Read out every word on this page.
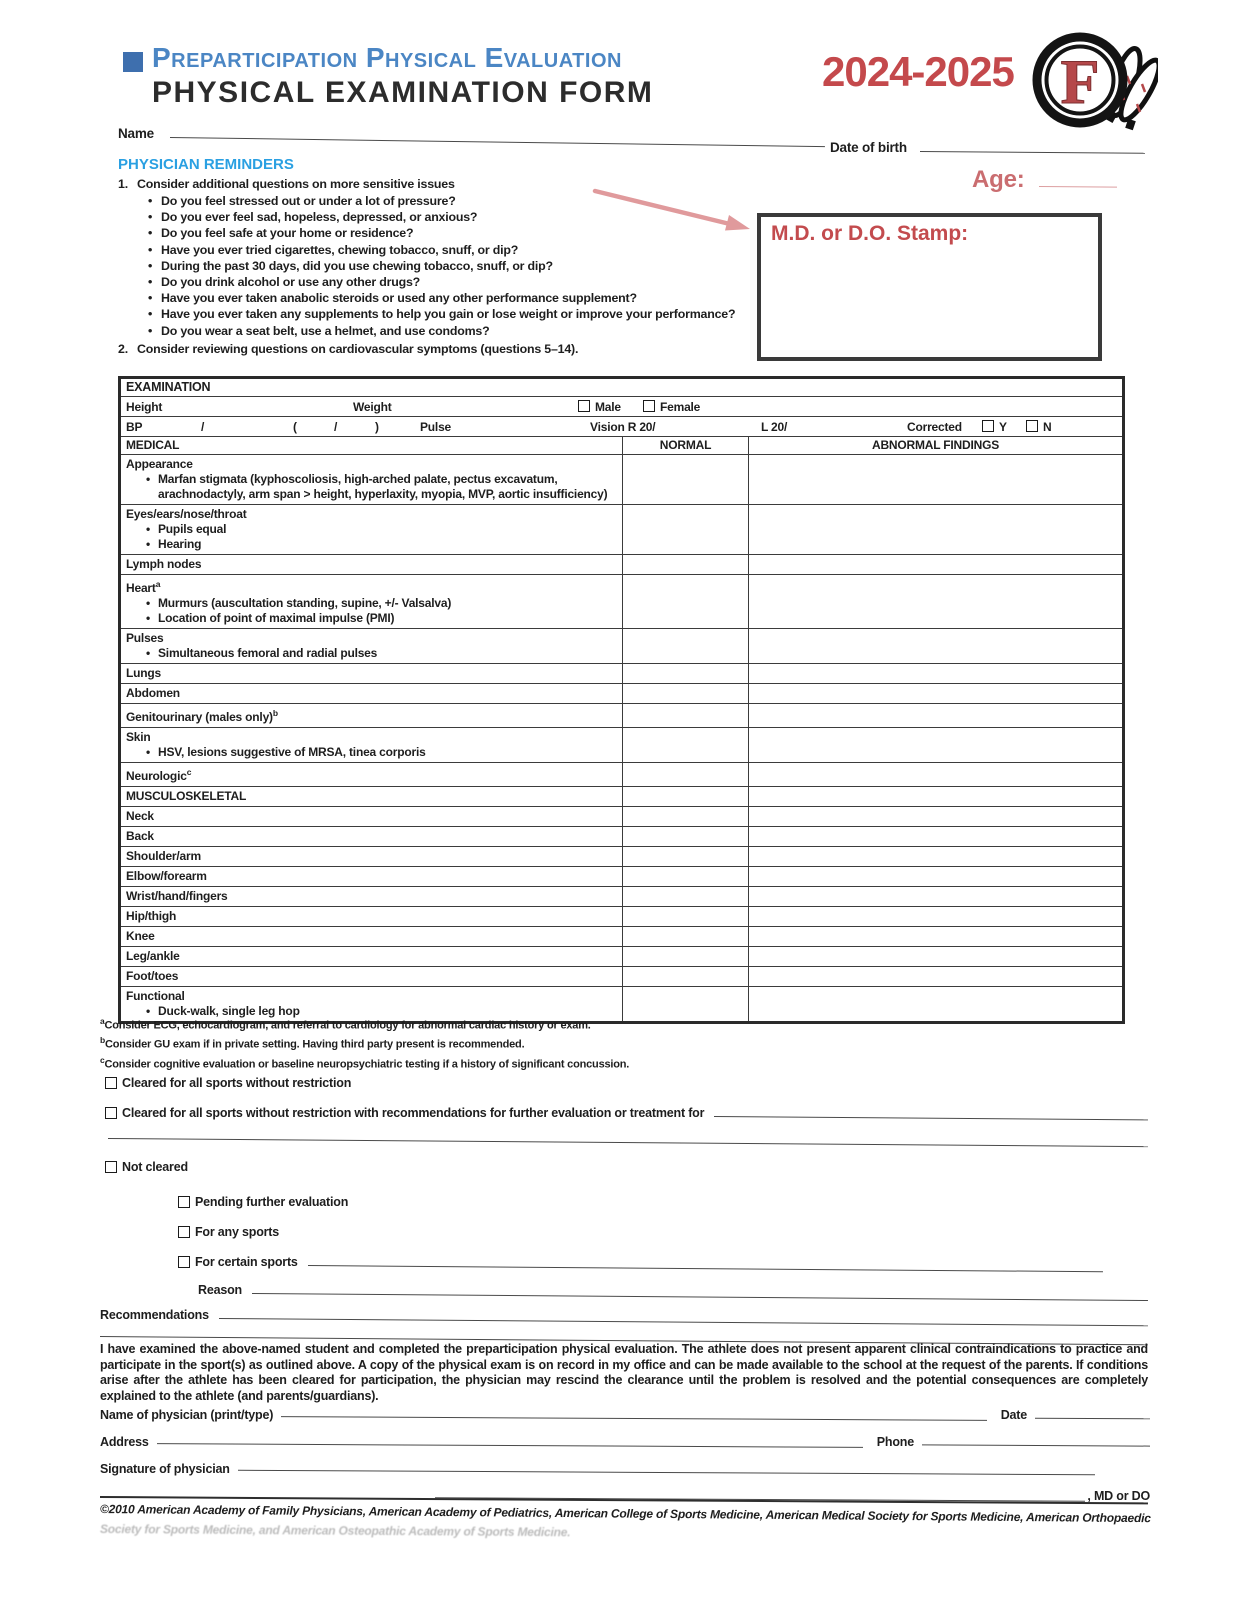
Preparticipation Physical Evaluation
PHYSICAL EXAMINATION FORM	2024-2025 F
Name
Date of birth
Age:
PHYSICIAN REMINDERS
1. Consider additional questions on more sensitive issues
• Do you feel stressed out or under a lot of pressure?
• Do you ever feel sad, hopeless, depressed, or anxious?
• Do you feel safe at your home or residence?
• Have you ever tried cigarettes, chewing tobacco, snuff, or dip?
• During the past 30 days, did you use chewing tobacco, snuff, or dip?
• Do you drink alcohol or use any other drugs?
• Have you ever taken anabolic steroids or used any other performance supplement?
• Have you ever taken any supplements to help you gain or lose weight or improve your performance?
• Do you wear a seat belt, use a helmet, and use condoms?
2. Consider reviewing questions on cardiovascular symptoms (questions 5–14).
M.D. or D.O. Stamp:
EXAMINATION		

Height Weight Male Female		

BP	/	(	/	)	Pulse	Vision R 20/	L 20/	Corrected	Y	N

MEDICAL	NORMAL	ABNORMAL FINDINGS
Appearance
• Marfan stigmata (kyphoscoliosis, high-arched palate, pectus excavatum, arachnodactyly, arm span > height, hyperlaxity, myopia, MVP, aortic insufficiency)

Eyes/ears/nose/throat
• Pupils equal
• Hearing

Lymph nodes		
Heart$^a$
• Murmurs (auscultation standing, supine, +/- Valsalva)
• Location of point of maximal impulse (PMI)

Pulses
• Simultaneous femoral and radial pulses

Lungs		
Abdomen		
Genitourinary (males only)$^b$		
Skin
• HSV, lesions suggestive of MRSA, tinea corporis

Neurologic$^c$		
MUSCULOSKELETAL		
Neck		
Back		
Shoulder/arm		
Elbow/forearm		
Wrist/hand/fingers		
Hip/thigh		
Knee		
Leg/ankle		
Foot/toes		
Functional
• Duck-walk, single leg hop

$^a$Consider ECG, echocardiogram, and referral to cardiology for abnormal cardiac history or exam.
$^b$Consider GU exam if in private setting. Having third party present is recommended.
$^c$Consider cognitive evaluation or baseline neuropsychiatric testing if a history of significant concussion.
Cleared for all sports without restriction
Cleared for all sports without restriction with recommendations for further evaluation or treatment for
Not cleared
Pending further evaluation
For any sports
For certain sports
Reason
Recommendations
I have examined the above-named student and completed the preparticipation physical evaluation. The athlete does not present apparent clinical contraindications to practice and participate in the sport(s) as outlined above. A copy of the physical exam is on record in my office and can be made available to the school at the request of the parents. If conditions arise after the athlete has been cleared for participation, the physician may rescind the clearance until the problem is resolved and the potential consequences are completely explained to the athlete (and parents/guardians).
Name of physician (print/type)	Date
Address	Phone
Signature of physician
, MD or DO
©2010 American Academy of Family Physicians, American Academy of Pediatrics, American College of Sports Medicine, American Medical Society for Sports Medicine, American Orthopaedic
Society for Sports Medicine, and American Osteopathic Academy of Sports Medicine.
